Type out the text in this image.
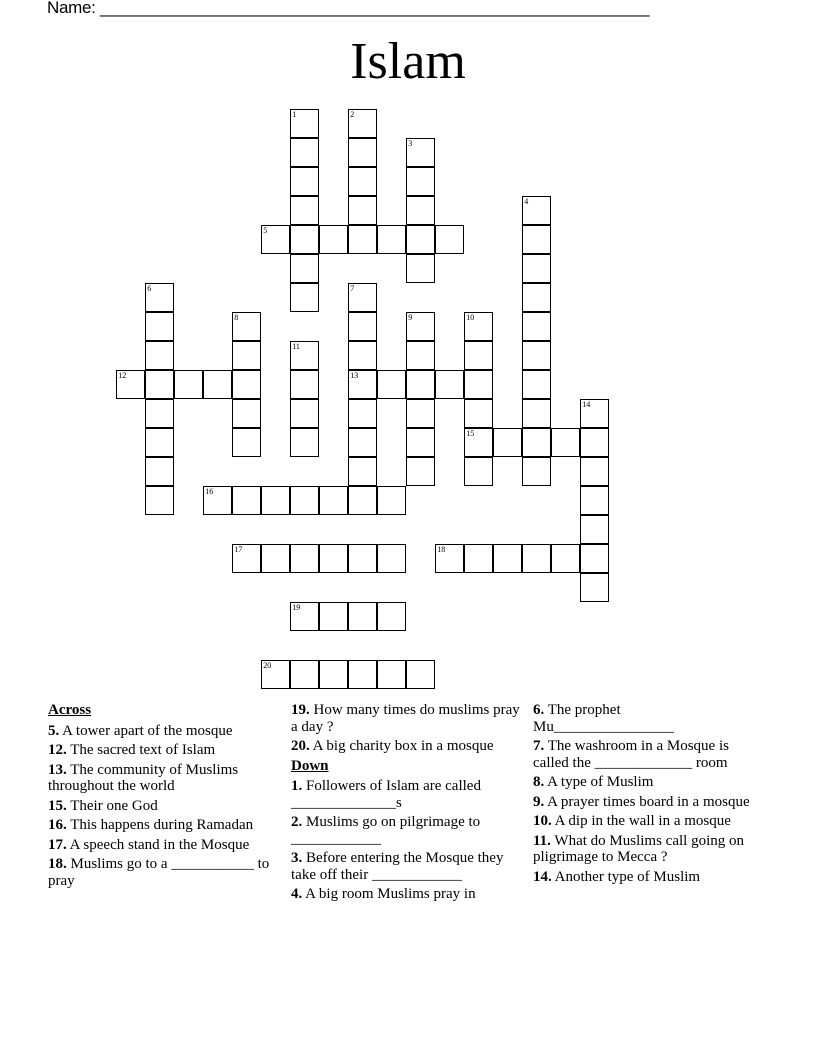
Name: ____________________________________________________________
Islam
1	2
3
4
5
6	7
13
8	9	10
15
11
12
14
16
17	18
19
20
Across
5. A tower apart of the mosque
12. The sacred text of Islam
13. The community of Muslims throughout the world
15. Their one God
16. This happens during Ramadan
17. A speech stand in the Mosque
18. Muslims go to a ___________ to pray
19. How many times do muslims pray a day ?
20. A big charity box in a mosque
Down
1. Followers of Islam are called ______________s
2. Muslims go on pilgrimage to ____________
3. Before entering the Mosque they take off their ____________
4. A big room Muslims pray in
6. The prophet Mu________________
7. The washroom in a Mosque is called the _____________ room
8. A type of Muslim
9. A prayer times board in a mosque
10. A dip in the wall in a mosque
11. What do Muslims call going on pligrimage to Mecca ?
14. Another type of Muslim
